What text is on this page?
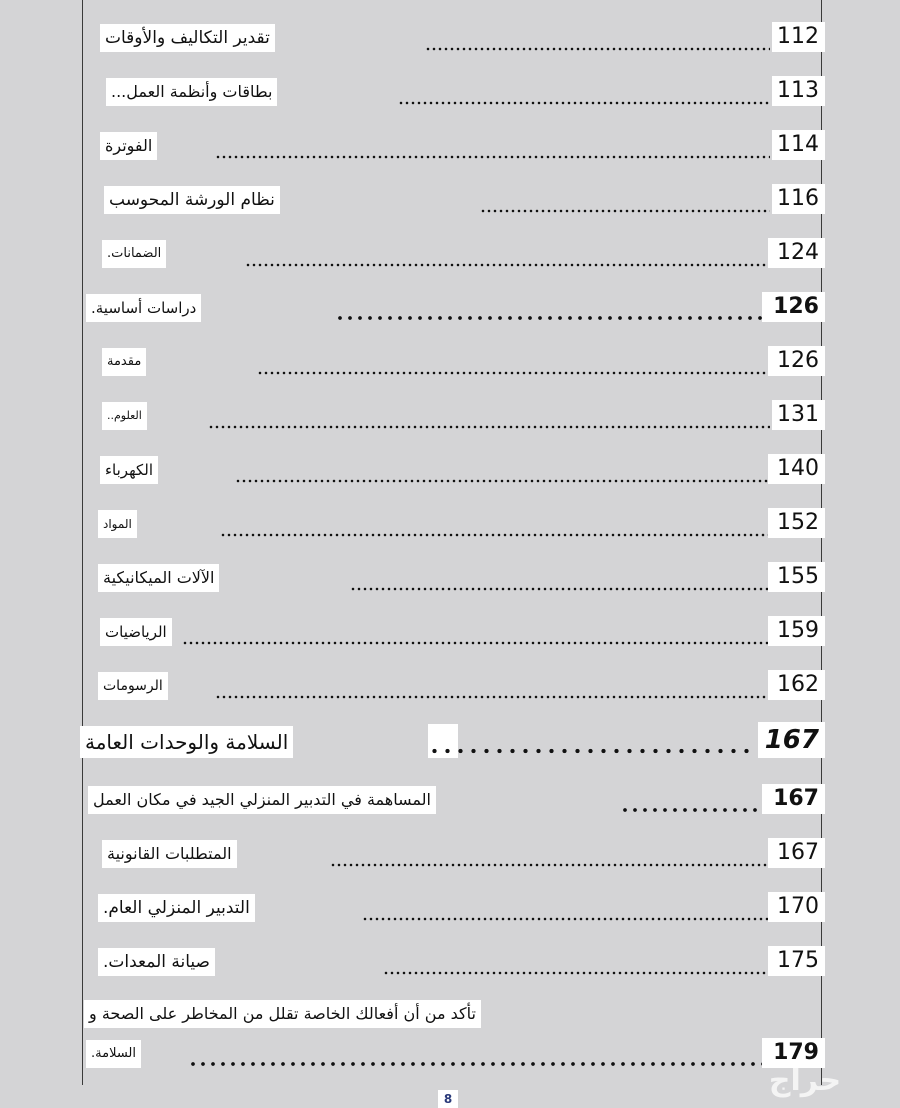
تقدير التكاليف والأوقات	112
بطاقات وأنظمة العمل...	113
الفوترة	114
نظام الورشة المحوسب	116
الضمانات.	124
دراسات أساسية.	126
مقدمة	126
العلوم..	131
الكهرباء	140
المواد	152
الآلات الميكانيكية	155
الرياضيات	159
الرسومات	162
السلامة والوحدات العامة	167
المساهمة في التدبير المنزلي الجيد في مكان العمل	167
المتطلبات القانونية	167
التدبير المنزلي العام.	170
صيانة المعدات.	175
تأكد من أن أفعالك الخاصة تقلل من المخاطر على الصحة و
السلامة.	179
8
حراج
